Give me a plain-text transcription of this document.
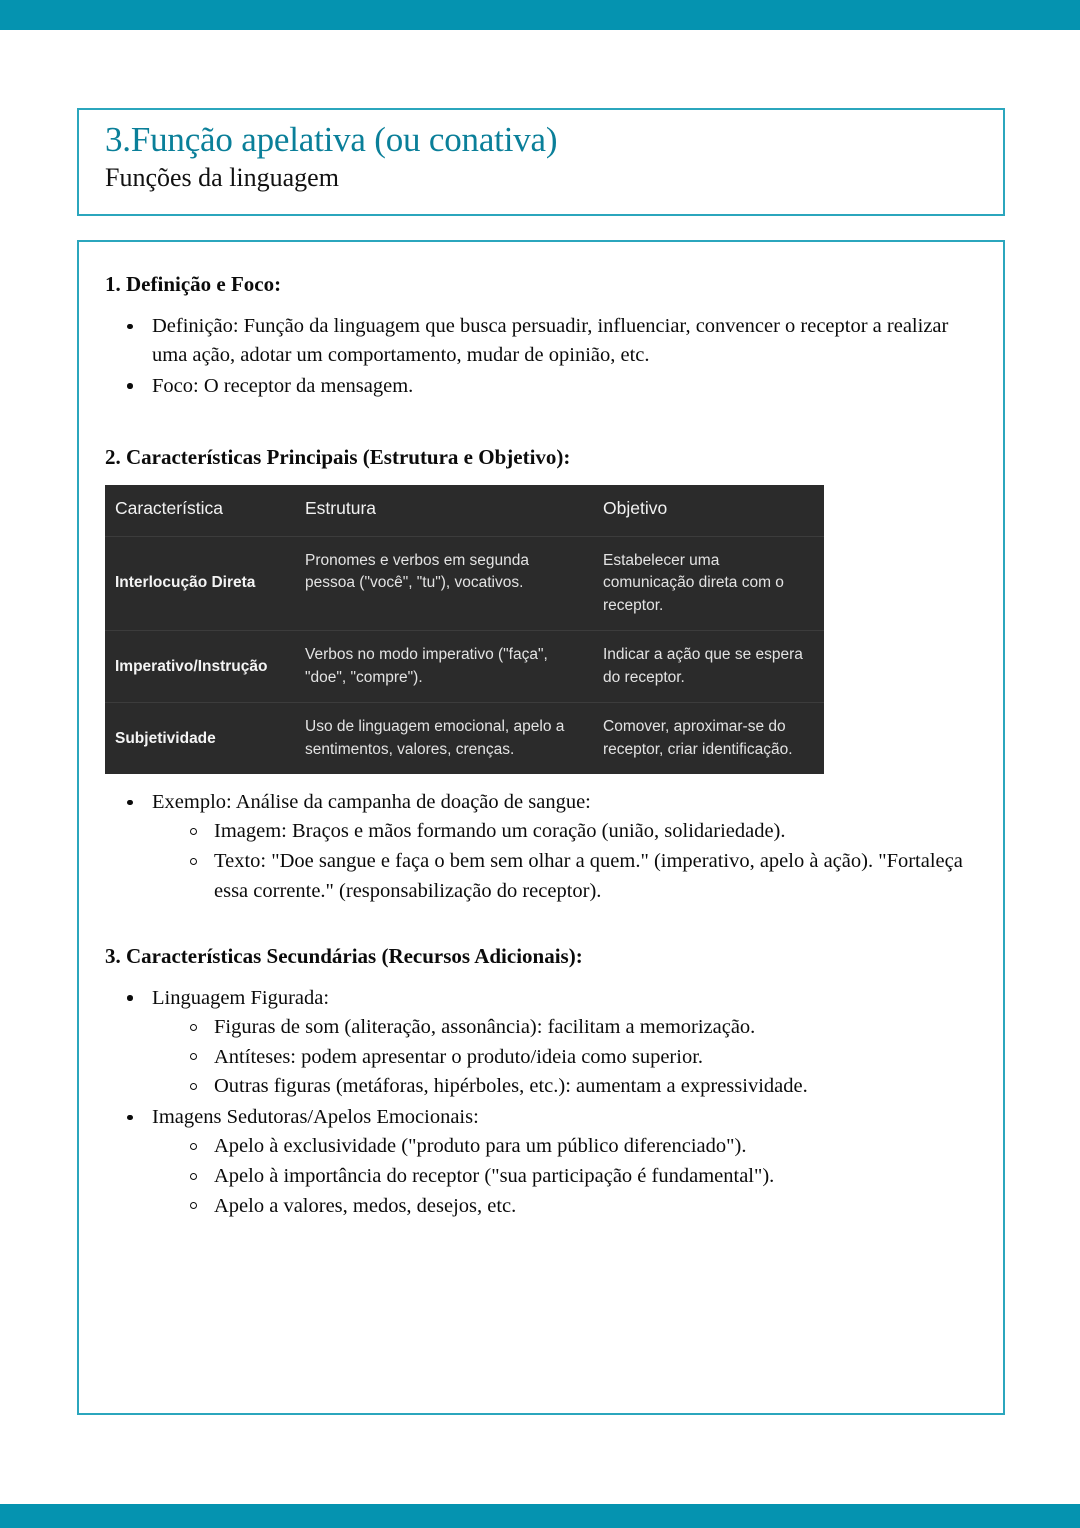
3.Função apelativa (ou conativa)
Funções da linguagem
1. Definição e Foco:
Definição: Função da linguagem que busca persuadir, influenciar, convencer o receptor a realizar uma ação, adotar um comportamento, mudar de opinião, etc.
Foco: O receptor da mensagem.
2. Características Principais (Estrutura e Objetivo):
Característica	Estrutura	Objetivo
Interlocução Direta
Pronomes e verbos em segunda pessoa ("você", "tu"), vocativos.
Estabelecer uma comunicação direta com o receptor.
Imperativo/Instrução
Verbos no modo imperativo ("faça", "doe", "compre").
Indicar a ação que se espera do receptor.
Subjetividade
Uso de linguagem emocional, apelo a sentimentos, valores, crenças.
Comover, aproximar-se do receptor, criar identificação.
Exemplo: Análise da campanha de doação de sangue:
Imagem: Braços e mãos formando um coração (união, solidariedade).
Texto: "Doe sangue e faça o bem sem olhar a quem." (imperativo, apelo à ação). "Fortaleça essa corrente." (responsabilização do receptor).
3. Características Secundárias (Recursos Adicionais):
Linguagem Figurada:
Figuras de som (aliteração, assonância): facilitam a memorização.
Antíteses: podem apresentar o produto/ideia como superior.
Outras figuras (metáforas, hipérboles, etc.): aumentam a expressividade.
Imagens Sedutoras/Apelos Emocionais:
Apelo à exclusividade ("produto para um público diferenciado").
Apelo à importância do receptor ("sua participação é fundamental").
Apelo a valores, medos, desejos, etc.
